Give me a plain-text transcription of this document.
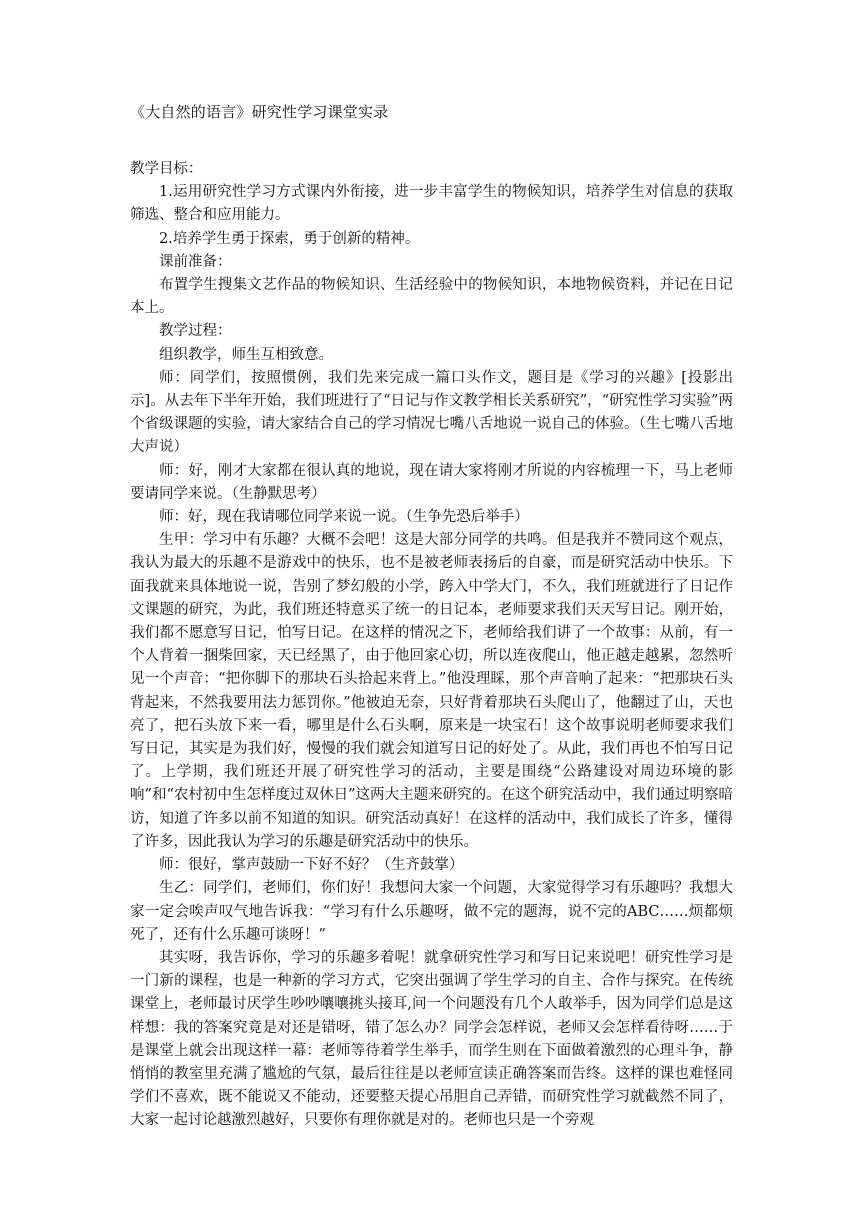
《大自然的语言》研究性学习课堂实录

教学目标：

1.运用研究性学习方式课内外衔接，进一步丰富学生的物候知识，培养学生对信息的获取筛选、整合和应用能力。

2.培养学生勇于探索，勇于创新的精神。

课前准备：

布置学生搜集文艺作品的物候知识、生活经验中的物候知识，本地物候资料，并记在日记本上。

教学过程：

组织教学，师生互相致意。

师：同学们，按照惯例，我们先来完成一篇口头作文，题目是《学习的兴趣》[投影出示]。从去年下半年开始，我们班进行了“日记与作文教学相长关系研究”，“研究性学习实验”两个省级课题的实验，请大家结合自己的学习情况七嘴八舌地说一说自己的体验。（生七嘴八舌地大声说）

师：好，刚才大家都在很认真的地说，现在请大家将刚才所说的内容梳理一下，马上老师要请同学来说。（生静默思考）

师：好，现在我请哪位同学来说一说。（生争先恐后举手）

生甲：学习中有乐趣？大概不会吧！这是大部分同学的共鸣。但是我并不赞同这个观点，我认为最大的乐趣不是游戏中的快乐，也不是被老师表扬后的自豪，而是研究活动中快乐。下面我就来具体地说一说，告别了梦幻般的小学，跨入中学大门，不久，我们班就进行了日记作文课题的研究，为此，我们班还特意买了统一的日记本，老师要求我们天天写日记。刚开始，我们都不愿意写日记，怕写日记。在这样的情况之下，老师给我们讲了一个故事：从前，有一个人背着一捆柴回家，天已经黑了，由于他回家心切，所以连夜爬山，他正越走越累，忽然听见一个声音：“把你脚下的那块石头拾起来背上。”他没理睬，那个声音响了起来：“把那块石头背起来，不然我要用法力惩罚你。”他被迫无奈，只好背着那块石头爬山了，他翻过了山，天也亮了，把石头放下来一看，哪里是什么石头啊，原来是一块宝石！这个故事说明老师要求我们写日记，其实是为我们好，慢慢的我们就会知道写日记的好处了。从此，我们再也不怕写日记了。上学期，我们班还开展了研究性学习的活动，主要是围绕“公路建设对周边环境的影响”和“农村初中生怎样度过双休日”这两大主题来研究的。在这个研究活动中，我们通过明察暗访，知道了许多以前不知道的知识。研究活动真好！在这样的活动中，我们成长了许多，懂得了许多，因此我认为学习的乐趣是研究活动中的快乐。

师：很好，掌声鼓励一下好不好？（生齐鼓掌）

生乙：同学们，老师们，你们好！我想问大家一个问题，大家觉得学习有乐趣吗？我想大家一定会唉声叹气地告诉我：“学习有什么乐趣呀，做不完的题海，说不完的ABC……烦都烦死了，还有什么乐趣可谈呀！”

其实呀，我告诉你，学习的乐趣多着呢！就拿研究性学习和写日记来说吧！研究性学习是一门新的课程，也是一种新的学习方式，它突出强调了学生学习的自主、合作与探究。在传统课堂上，老师最讨厌学生吵吵嚷嚷挑头接耳,问一个问题没有几个人敢举手，因为同学们总是这样想：我的答案究竟是对还是错呀，错了怎么办？同学会怎样说，老师又会怎样看待呀……于是课堂上就会出现这样一幕：老师等待着学生举手，而学生则在下面做着激烈的心理斗争，静悄悄的教室里充满了尴尬的气氛，最后往往是以老师宣读正确答案而告终。这样的课也难怪同学们不喜欢，既不能说又不能动，还要整天提心吊胆自己弄错，而研究性学习就截然不同了，大家一起讨论越激烈越好，只要你有理你就是对的。老师也只是一个旁观
